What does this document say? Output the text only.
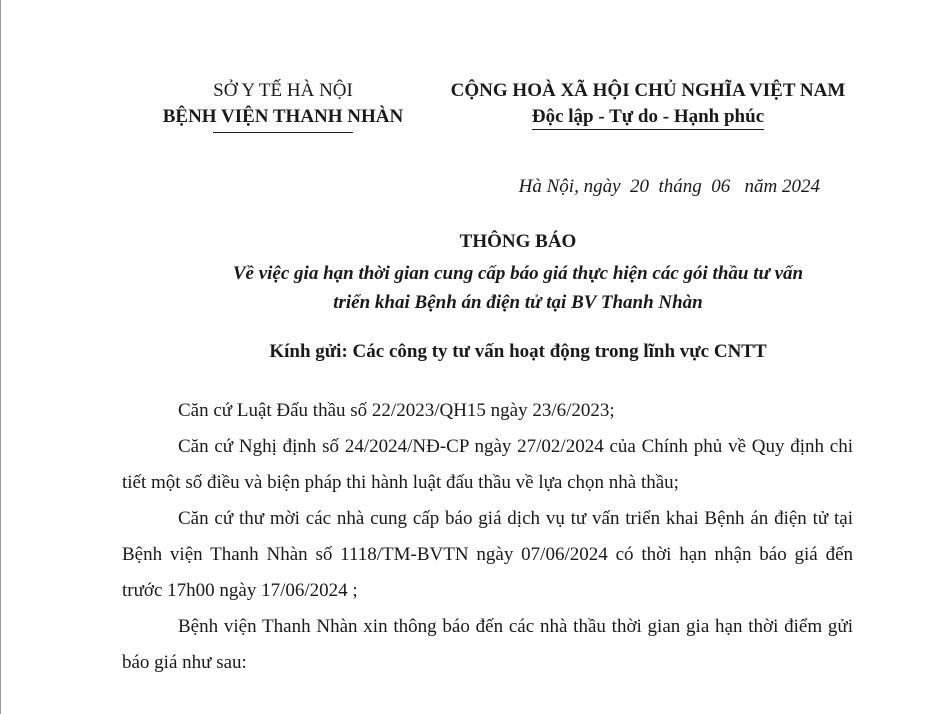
SỞ Y TẾ HÀ NỘI
BỆNH VIỆN THANH NHÀN
CỘNG HOÀ XÃ HỘI CHỦ NGHĨA VIỆT NAM
Độc lập - Tự do - Hạnh phúc
Hà Nội, ngày  20  tháng  06   năm 2024
THÔNG BÁO
Về việc gia hạn thời gian cung cấp báo giá thực hiện các gói thầu tư vấn
triển khai Bệnh án điện tử tại BV Thanh Nhàn
Kính gửi: Các công ty tư vấn hoạt động trong lĩnh vực CNTT

Căn cứ Luật Đấu thầu số 22/2023/QH15 ngày 23/6/2023;

Căn cứ Nghị định số 24/2024/NĐ-CP ngày 27/02/2024 của Chính phủ về Quy định chi tiết một số điều và biện pháp thi hành luật đấu thầu về lựa chọn nhà thầu;

Căn cứ thư mời các nhà cung cấp báo giá dịch vụ tư vấn triển khai Bệnh án điện tử tại Bệnh viện Thanh Nhàn số 1118/TM-BVTN ngày 07/06/2024 có thời hạn nhận báo giá đến trước 17h00 ngày 17/06/2024 ;

Bệnh viện Thanh Nhàn xin thông báo đến các nhà thầu thời gian gia hạn thời điểm gửi báo giá như sau:
